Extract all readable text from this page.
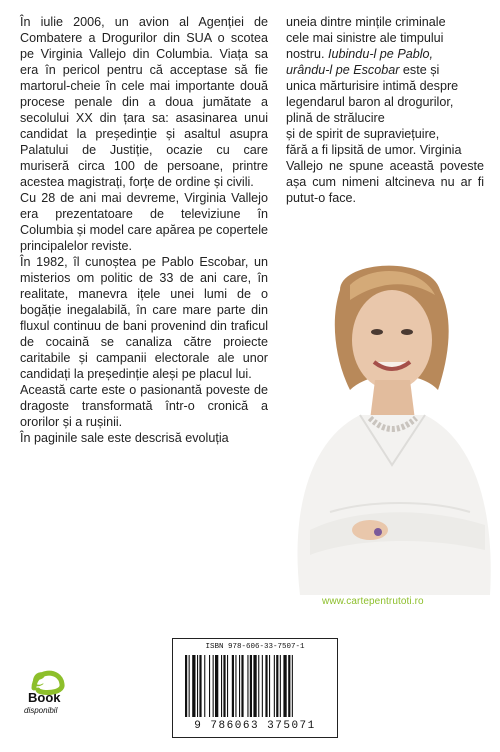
În iulie 2006, un avion al Agenției de Combatere a Drogurilor din SUA o scotea pe Virginia Vallejo din Columbia. Viața sa era în pericol pentru că acceptase să fie martorul-cheie în cele mai importante două procese penale din a doua jumătate a secolului XX din țara sa: asasinarea unui candidat la președinție și asaltul asupra Palatului de Justiție, ocazie cu care muriseră circa 100 de persoane, printre acestea magistrați, forțe de ordine și civili.

Cu 28 de ani mai devreme, Virginia Vallejo era prezentatoare de televiziune în Columbia și model care apărea pe copertele principalelor reviste.

În 1982, îl cunoștea pe Pablo Escobar, un misterios om politic de 33 de ani care, în realitate, manevra ițele unei lumi de o bogăție inegalabilă, în care mare parte din fluxul continuu de bani provenind din traficul de cocaină se canaliza către proiecte caritabile și campanii electorale ale unor candidați la președinție aleși pe placul lui.

Această carte este o pasionantă poveste de dragoste transformată într-o cronică a ororilor și a rușinii.

În paginile sale este descrisă evoluția

uneia dintre mințile criminale
cele mai sinistre ale timpului
nostru. Iubindu-l pe Pablo,
urându-l pe Escobar este și
unica mărturisire intimă despre
legendarul baron al drogurilor,
plină de strălucire
și de spirit de supraviețuire,
fără a fi lipsită de umor. Virginia

Vallejo ne spune această poveste așa cum nimeni altcineva nu ar fi putut-o face.

www.cartepentrutoti.ro
Book
e
disponibil
ISBN 978-606-33-7507-1
9 786063 375071
